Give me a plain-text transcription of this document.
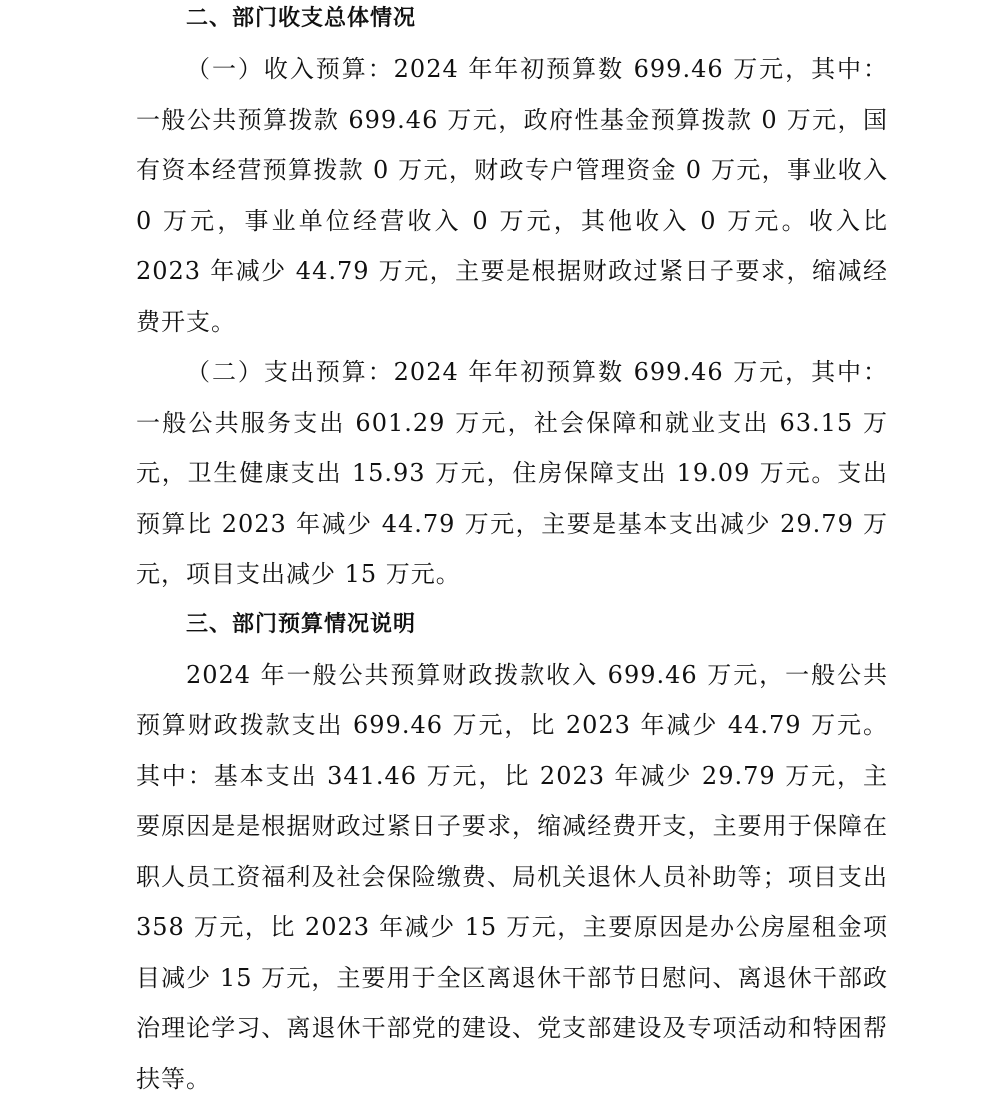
二、部门收支总体情况

（一）收入预算：2024 年年初预算数 699.46 万元，其中：一般公共预算拨款 699.46 万元，政府性基金预算拨款 0 万元，国有资本经营预算拨款 0 万元，财政专户管理资金 0 万元，事业收入 0 万元，事业单位经营收入 0 万元，其他收入 0 万元。收入比 2023 年减少 44.79 万元，主要是根据财政过紧日子要求，缩减经费开支。

（二）支出预算：2024 年年初预算数 699.46 万元，其中：一般公共服务支出 601.29 万元，社会保障和就业支出 63.15 万元，卫生健康支出 15.93 万元，住房保障支出 19.09 万元。支出预算比 2023 年减少 44.79 万元，主要是基本支出减少 29.79 万元，项目支出减少 15 万元。

三、部门预算情况说明

2024 年一般公共预算财政拨款收入 699.46 万元，一般公共预算财政拨款支出 699.46 万元，比 2023 年减少 44.79 万元。其中：基本支出 341.46 万元，比 2023 年减少 29.79 万元，主要原因是是根据财政过紧日子要求，缩减经费开支，主要用于保障在职人员工资福利及社会保险缴费、局机关退休人员补助等；项目支出 358 万元，比 2023 年减少 15 万元，主要原因是办公房屋租金项目减少 15 万元，主要用于全区离退休干部节日慰问、离退休干部政治理论学习、离退休干部党的建设、党支部建设及专项活动和特困帮扶等。
